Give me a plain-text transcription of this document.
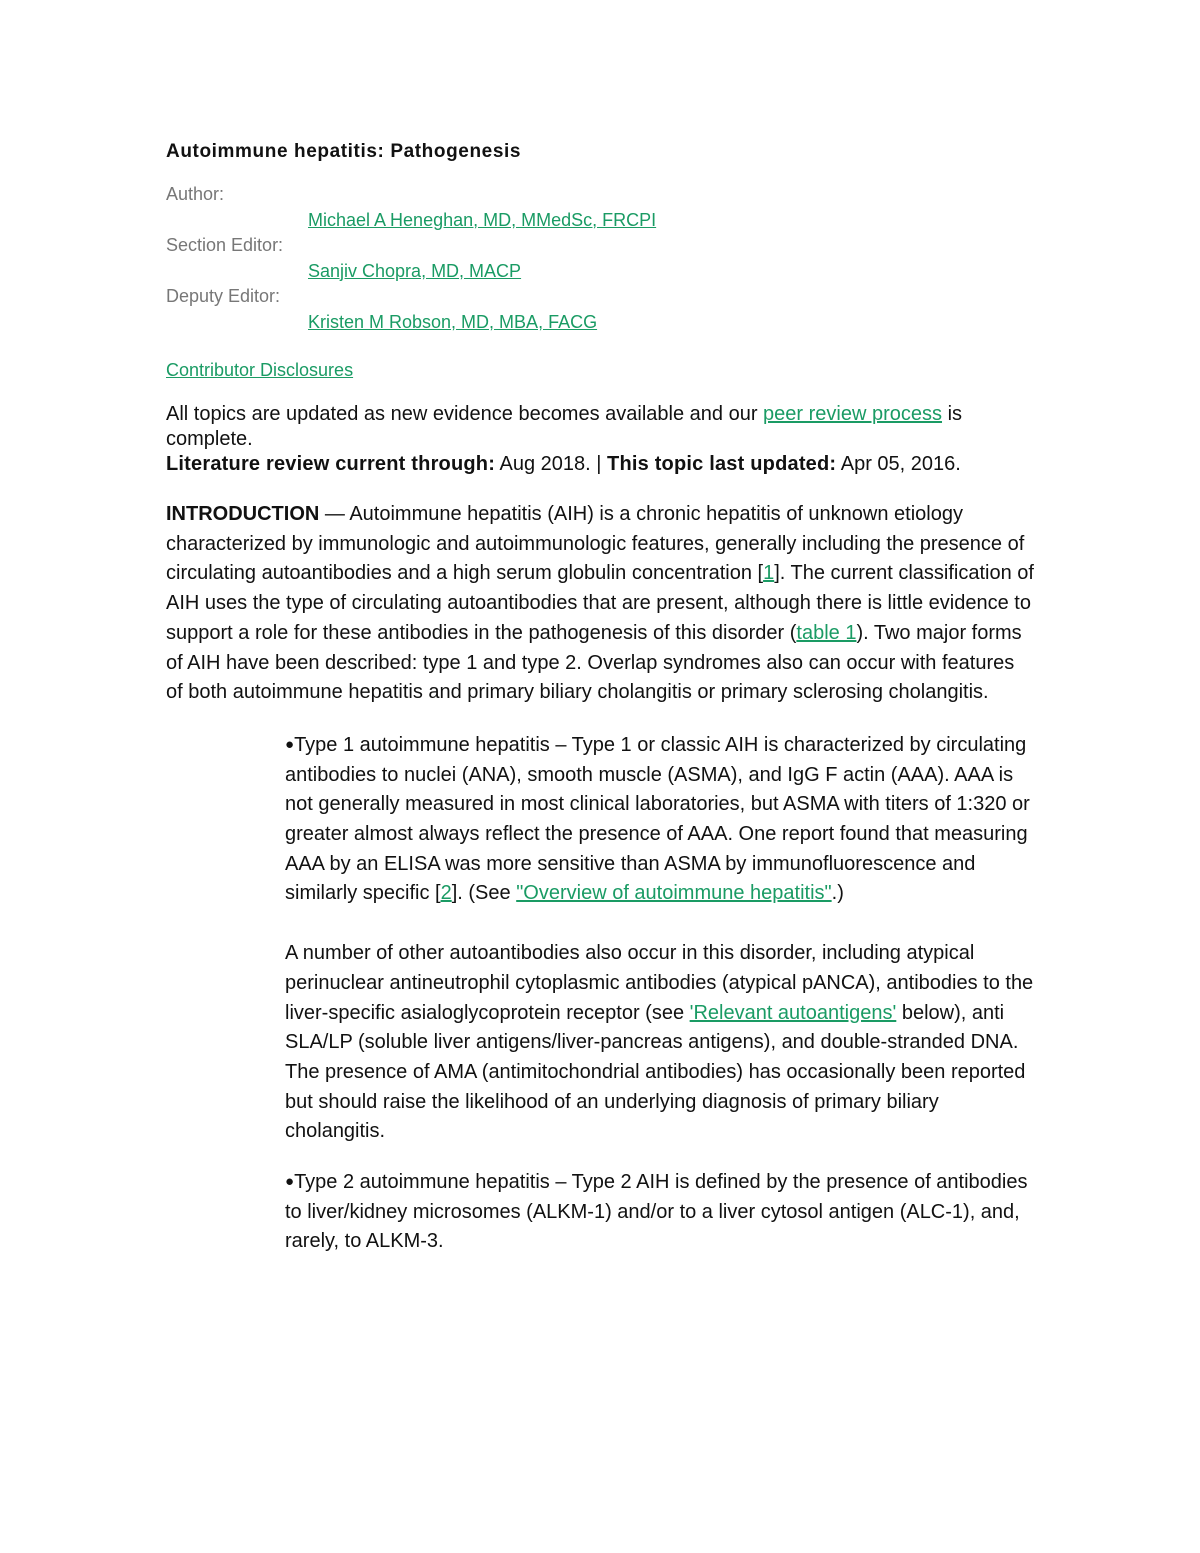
Autoimmune hepatitis: Pathogenesis
Author:
Michael A Heneghan, MD, MMedSc, FRCPI
Section Editor:
Sanjiv Chopra, MD, MACP
Deputy Editor:
Kristen M Robson, MD, MBA, FACG
Contributor Disclosures
All topics are updated as new evidence becomes available and our peer review process is complete.
Literature review current through: Aug 2018. | This topic last updated: Apr 05, 2016.
INTRODUCTION — Autoimmune hepatitis (AIH) is a chronic hepatitis of unknown etiology characterized by immunologic and autoimmunologic features, generally including the presence of circulating autoantibodies and a high serum globulin concentration [1]. The current classification of AIH uses the type of circulating autoantibodies that are present, although there is little evidence to support a role for these antibodies in the pathogenesis of this disorder (table 1). Two major forms of AIH have been described: type 1 and type 2. Overlap syndromes also can occur with features of both autoimmune hepatitis and primary biliary cholangitis or primary sclerosing cholangitis.
●Type 1 autoimmune hepatitis – Type 1 or classic AIH is characterized by circulating antibodies to nuclei (ANA), smooth muscle (ASMA), and IgG F actin (AAA). AAA is not generally measured in most clinical laboratories, but ASMA with titers of 1:320 or greater almost always reflect the presence of AAA. One report found that measuring AAA by an ELISA was more sensitive than ASMA by immunofluorescence and similarly specific [2]. (See "Overview of autoimmune hepatitis".)
A number of other autoantibodies also occur in this disorder, including atypical perinuclear antineutrophil cytoplasmic antibodies (atypical pANCA), antibodies to the liver-specific asialoglycoprotein receptor (see 'Relevant autoantigens' below), anti SLA/LP (soluble liver antigens/liver-pancreas antigens), and double-stranded DNA. The presence of AMA (antimitochondrial antibodies) has occasionally been reported but should raise the likelihood of an underlying diagnosis of primary biliary cholangitis.
●Type 2 autoimmune hepatitis – Type 2 AIH is defined by the presence of antibodies to liver/kidney microsomes (ALKM-1) and/or to a liver cytosol antigen (ALC-1), and, rarely, to ALKM-3.
